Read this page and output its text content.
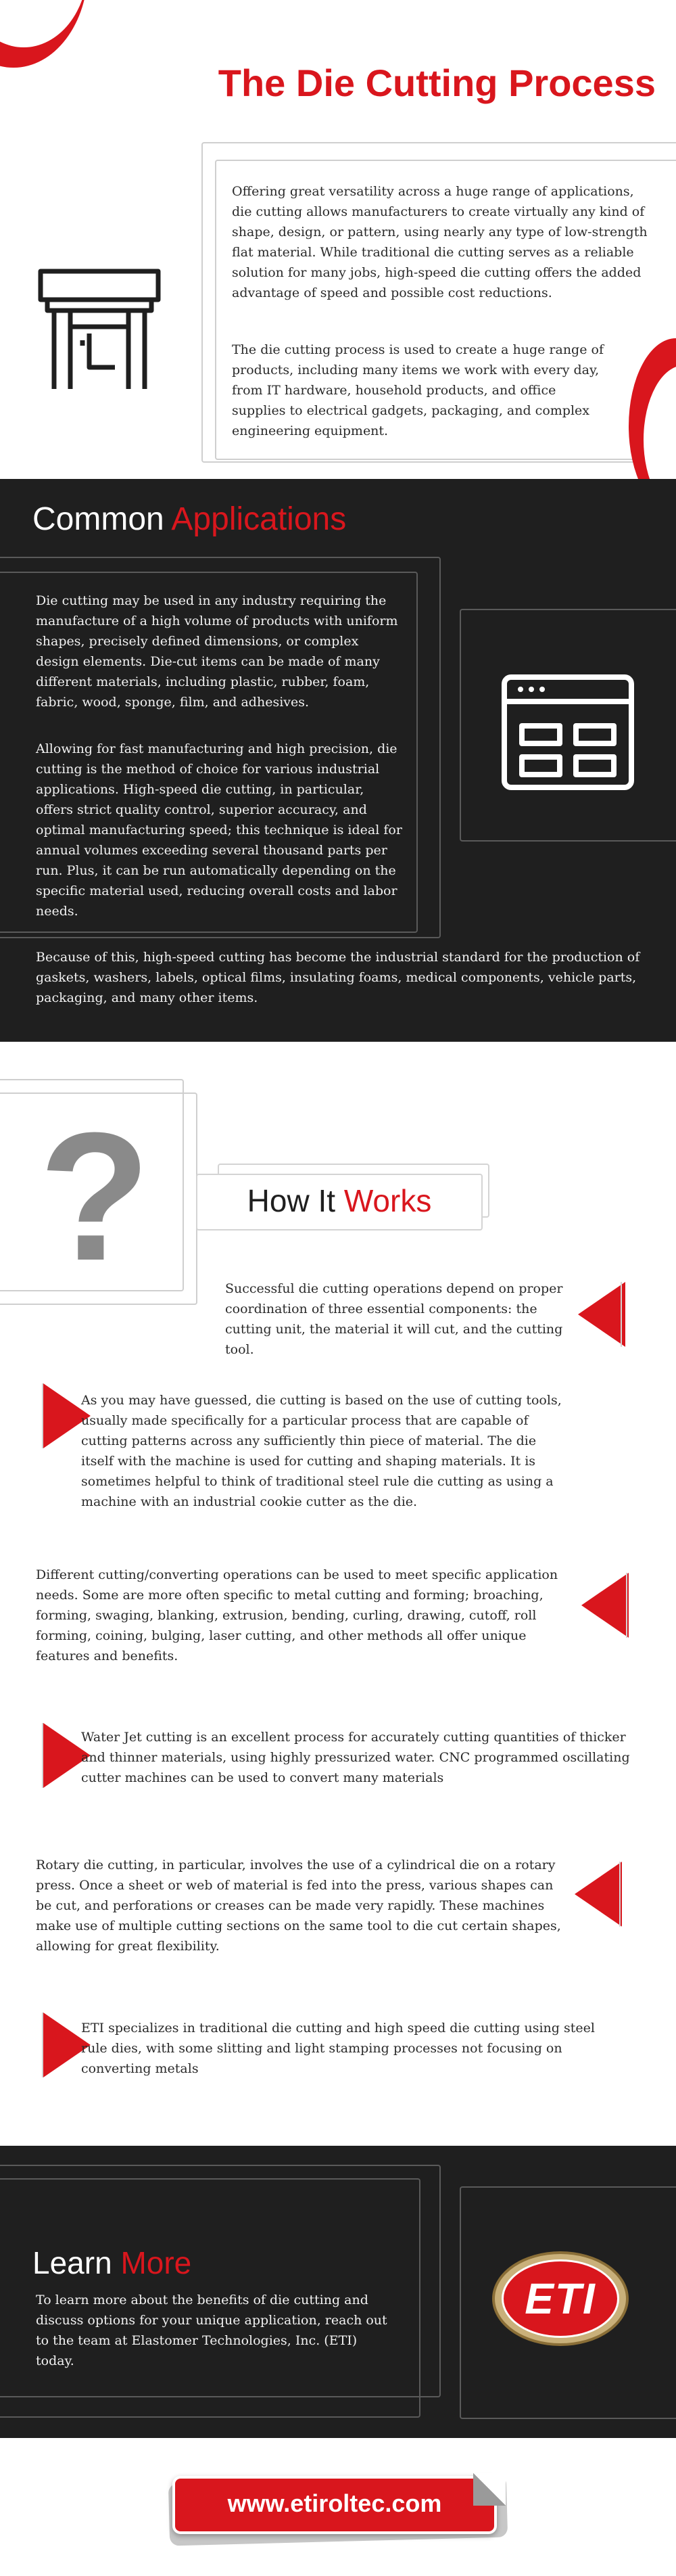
The Die Cutting Process
Offering great versatility across a huge range of applications, die cutting allows manufacturers to create virtually any kind of shape, design, or pattern, using nearly any type of low-strength flat material. While traditional die cutting serves as a reliable solution for many jobs, high-speed die cutting offers the added advantage of speed and possible cost reductions.
The die cutting process is used to create a huge range of products, including many items we work with every day, from IT hardware, household products, and office supplies to electrical gadgets, packaging, and complex engineering equipment.
Common Applications
Die cutting may be used in any industry requiring the manufacture of a high volume of products with uniform shapes, precisely defined dimensions, or complex design elements. Die-cut items can be made of many different materials, including plastic, rubber, foam, fabric, wood, sponge, film, and adhesives.
Allowing for fast manufacturing and high precision, die cutting is the method of choice for various industrial applications. High-speed die cutting, in particular, offers strict quality control, superior accuracy, and optimal manufacturing speed; this technique is ideal for annual volumes exceeding several thousand parts per run. Plus, it can be run automatically depending on the specific material used, reducing overall costs and labor needs.
Because of this, high-speed cutting has become the industrial standard for the production of gaskets, washers, labels, optical films, insulating foams, medical components, vehicle parts, packaging, and many other items.
?	How It Works
Successful die cutting operations depend on proper coordination of three essential components: the cutting unit, the material it will cut, and the cutting tool.
As you may have guessed, die cutting is based on the use of cutting tools, usually made specifically for a particular process that are capable of cutting patterns across any sufficiently thin piece of material. The die itself with the machine is used for cutting and shaping materials. It is sometimes helpful to think of traditional steel rule die cutting as using a machine with an industrial cookie cutter as the die.
Different cutting/converting operations can be used to meet specific application needs. Some are more often specific to metal cutting and forming; broaching, forming, swaging, blanking, extrusion, bending, curling, drawing, cutoff, roll forming, coining, bulging, laser cutting, and other methods all offer unique features and benefits.
Water Jet cutting is an excellent process for accurately cutting quantities of thicker and thinner materials, using highly pressurized water. CNC programmed oscillating cutter machines can be used to convert many materials
Rotary die cutting, in particular, involves the use of a cylindrical die on a rotary press. Once a sheet or web of material is fed into the press, various shapes can be cut, and perforations or creases can be made very rapidly. These machines make use of multiple cutting sections on the same tool to die cut certain shapes, allowing for great flexibility.
ETI specializes in traditional die cutting and high speed die cutting using steel rule dies, with some slitting and light stamping processes not focusing on converting metals
Learn More
To learn more about the benefits of die cutting and discuss options for your unique application, reach out to the team at Elastomer Technologies, Inc. (ETI) today.
ETI
www.etiroltec.com
